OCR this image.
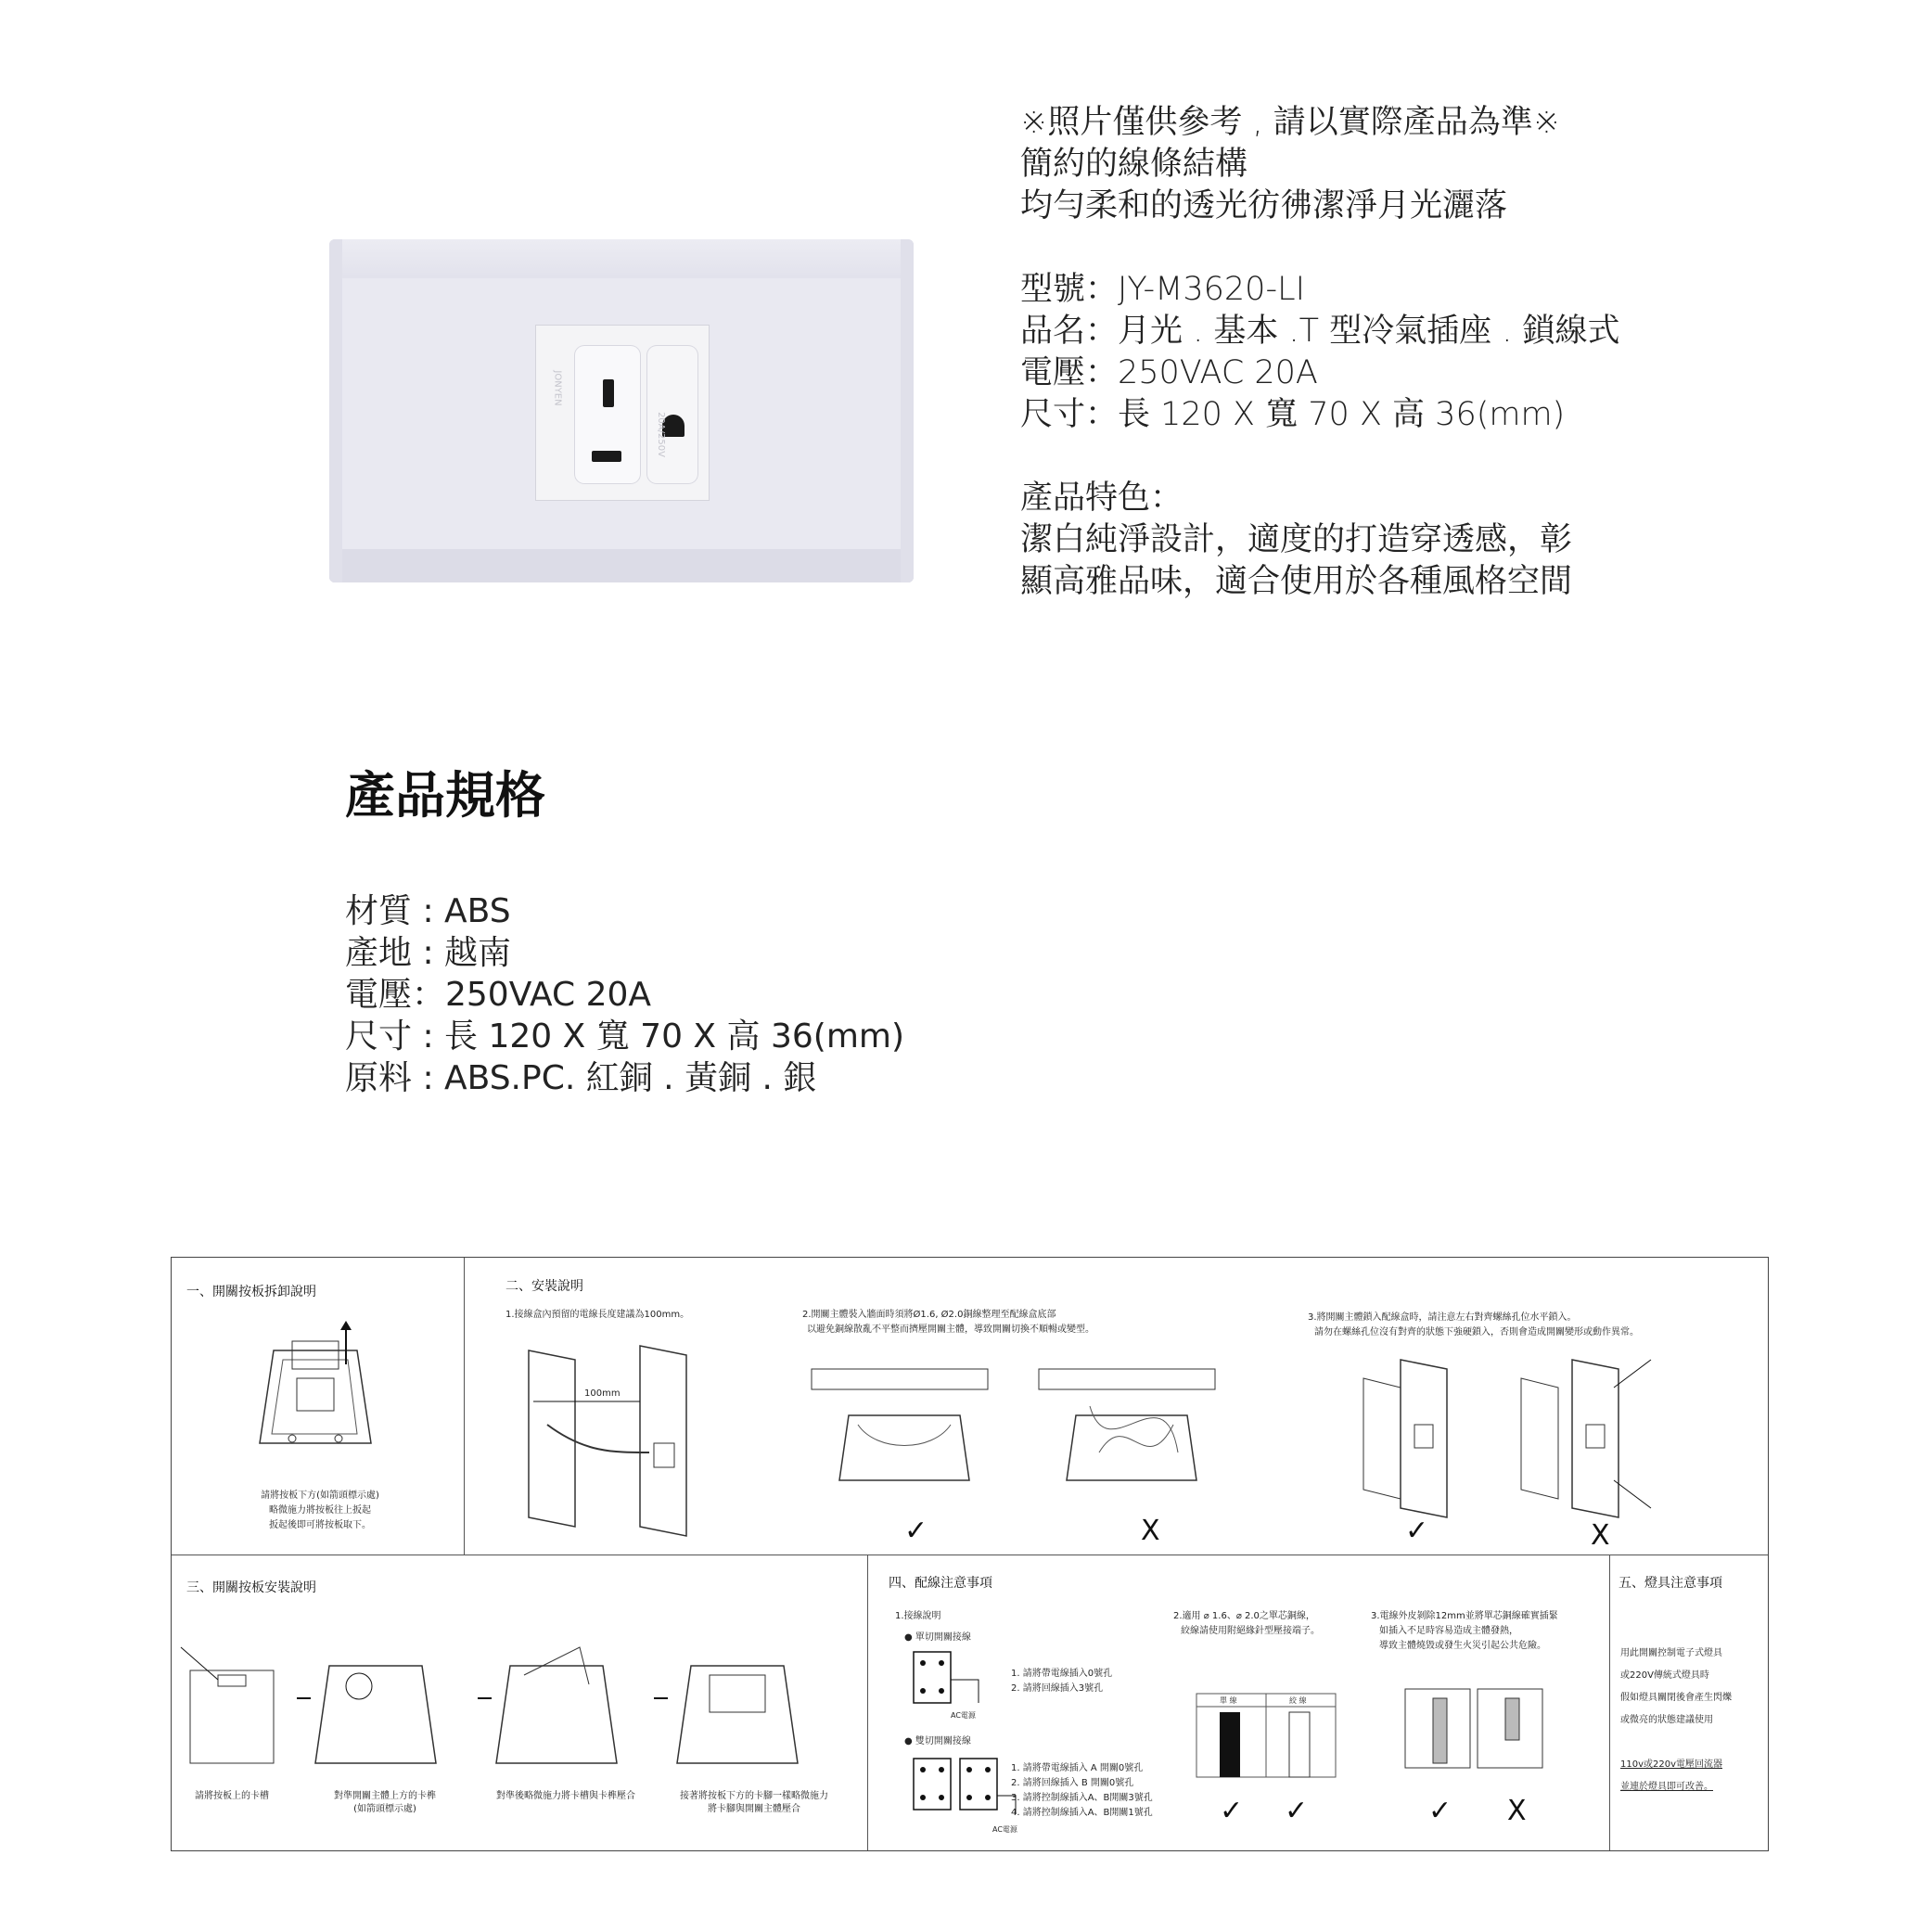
JONYEN
20A/250V
※照片僅供參考 , 請以實際產品為準※
簡約的線條結構
均勻柔和的透光彷彿潔淨月光灑落
型號：JY-M3620-LI
品名：月光 . 基本 .T 型冷氣插座 . 鎖線式
電壓：250VAC 20A
尺寸：長 120 X 寬 70 X 高 36(mm)
產品特色：
潔白純淨設計，適度的打造穿透感，彰
顯高雅品味，適合使用於各種風格空間
產品規格
材質 : ABS
產地 : 越南
電壓：250VAC 20A
尺寸 : 長 120 X 寬 70 X 高 36(mm)
原料 : ABS.PC. 紅銅 . 黃銅 . 銀
一、開關按板拆卸說明
請將按板下方(如箭頭標示處)
略微施力將按板往上扳起
扳起後即可將按板取下。
二、安裝說明
1.接線盒內預留的電線長度建議為100mm。
100mm
2.開關主體裝入牆面時須將Ø1.6, Ø2.0銅線整理至配線盒底部
以避免銅線散亂不平整而擠壓開關主體，導致開關切換不順暢或變型。
✓	X
3.將開關主體鎖入配線盒時，請注意左右對齊螺絲孔位水平鎖入。
請勿在螺絲孔位沒有對齊的狀態下強硬鎖入，否則會造成開關變形或動作異常。
✓	X
三、開關按板安裝說明
請將按板上的卡槽	對準開關主體上方的卡榫
(如箭頭標示處)
對準後略微施力將卡槽與卡榫壓合	接著將按板下方的卡腳一樣略微施力
將卡腳與開關主體壓合
四、配線注意事項
1.接線說明
● 單切開關接線
AC電源
1. 請將帶電線插入0號孔
2. 請將回線插入3號孔
● 雙切開關接線
AC電源
1. 請將帶電線插入 A 開關0號孔
2. 請將回線插入 B 開關0號孔
3. 請將控制線插入A、B開關3號孔
4. 請將控制線插入A、B開關1號孔
2.適用 ⌀ 1.6、⌀ 2.0之單芯銅線，
絞線請使用附絕緣針型壓接端子。
單 線	絞 線
✓ ✓
3.電線外皮剝除12mm並將單芯銅線確實插緊
如插入不足時容易造成主體發熱，
導致主體燒毀或發生火災引起公共危險。
✓ X
五、燈具注意事項
用此開關控制電子式燈具
或220V傳統式燈具時
假如燈具關閉後會產生閃爍
或微亮的狀態建議使用
110v或220v電壓回流器
並連於燈具即可改善。
